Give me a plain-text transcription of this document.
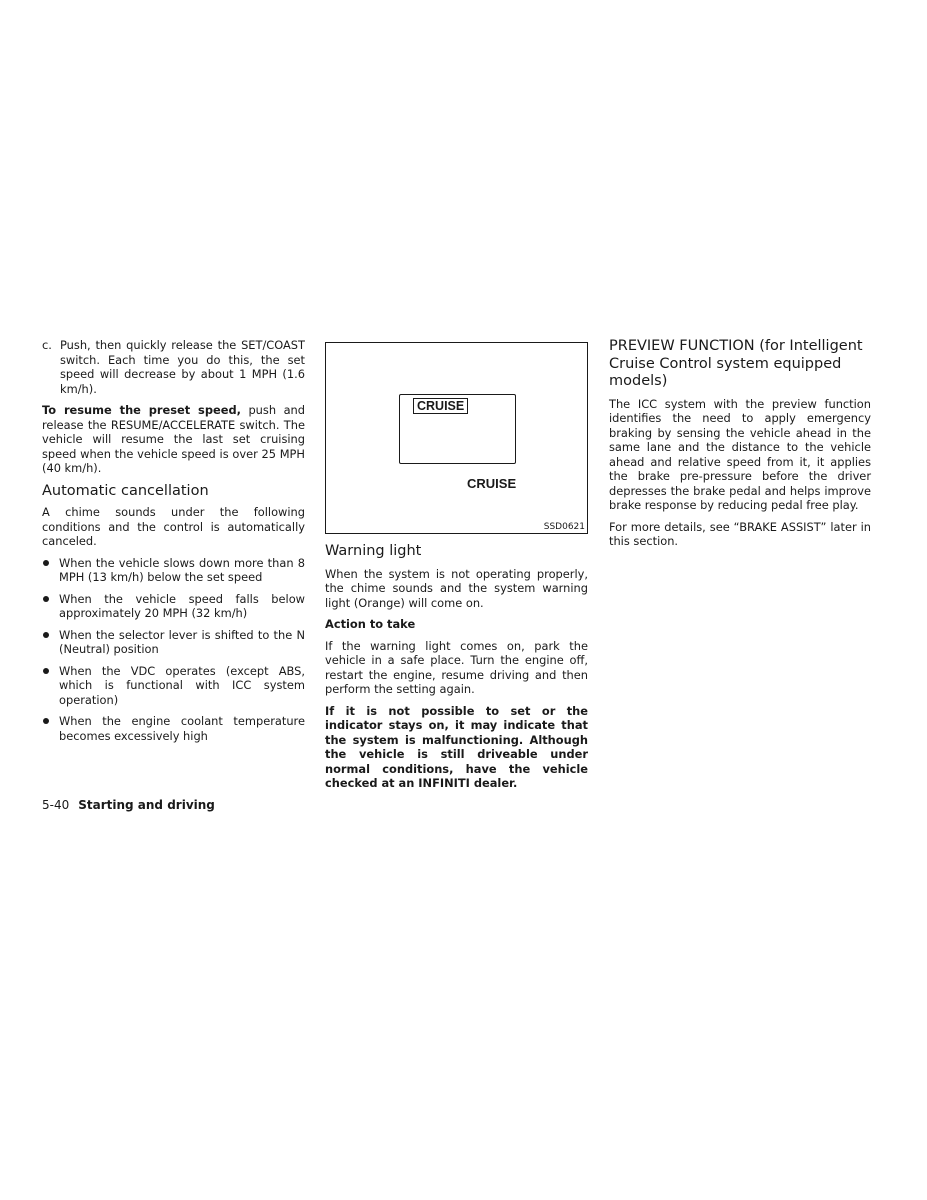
c. Push, then quickly release the SET/COAST switch. Each time you do this, the set speed will decrease by about 1 MPH (1.6 km/h).

To resume the preset speed, push and release the RESUME/ACCELERATE switch. The vehicle will resume the last set cruising speed when the vehicle speed is over 25 MPH (40 km/h).

Automatic cancellation

A chime sounds under the following conditions and the control is automatically canceled.

When the vehicle slows down more than 8 MPH (13 km/h) below the set speed
When the vehicle speed falls below approximately 20 MPH (32 km/h)
When the selector lever is shifted to the N (Neutral) position
When the VDC operates (except ABS, which is functional with ICC system operation)
When the engine coolant temperature becomes excessively high
CRUISE
CRUISE
SSD0621
Warning light

When the system is not operating properly, the chime sounds and the system warning light (Orange) will come on.

Action to take

If the warning light comes on, park the vehicle in a safe place. Turn the engine off, restart the engine, resume driving and then perform the setting again.

If it is not possible to set or the indicator stays on, it may indicate that the system is malfunctioning. Although the vehicle is still driveable under normal conditions, have the vehicle checked at an INFINITI dealer.

PREVIEW FUNCTION (for Intelligent Cruise Control system equipped models)

The ICC system with the preview function identifies the need to apply emergency braking by sensing the vehicle ahead in the same lane and the distance to the vehicle ahead and relative speed from it, it applies the brake pre-pressure before the driver depresses the brake pedal and helps improve brake response by reducing pedal free play.

For more details, see “BRAKE ASSIST” later in this section.

5-40 Starting and driving
